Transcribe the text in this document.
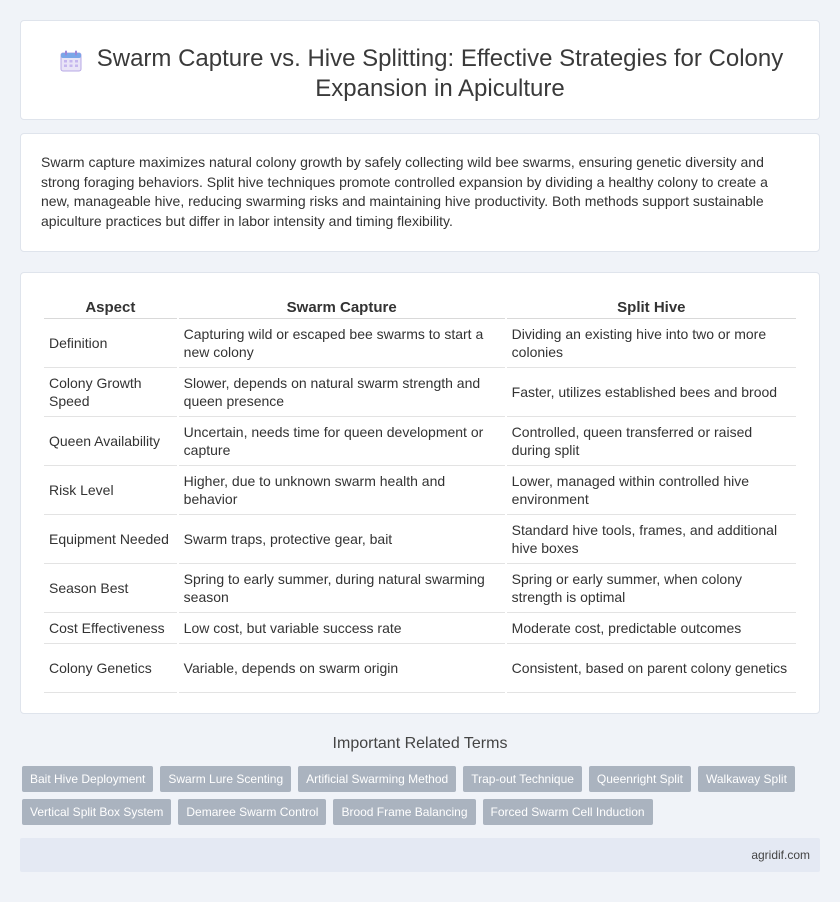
Swarm Capture vs. Hive Splitting: Effective Strategies for Colony Expansion in Apiculture

Swarm capture maximizes natural colony growth by safely collecting wild bee swarms, ensuring genetic diversity and strong foraging behaviors. Split hive techniques promote controlled expansion by dividing a healthy colony to create a new, manageable hive, reducing swarming risks and maintaining hive productivity. Both methods support sustainable apiculture practices but differ in labor intensity and timing flexibility.

Aspect	Swarm Capture	Split Hive
Definition	Capturing wild or escaped bee swarms to start a new colony	Dividing an existing hive into two or more colonies
Colony Growth Speed	Slower, depends on natural swarm strength and queen presence	Faster, utilizes established bees and brood
Queen Availability	Uncertain, needs time for queen development or capture	Controlled, queen transferred or raised during split
Risk Level	Higher, due to unknown swarm health and behavior	Lower, managed within controlled hive environment
Equipment Needed	Swarm traps, protective gear, bait	Standard hive tools, frames, and additional hive boxes
Season Best	Spring to early summer, during natural swarming season	Spring or early summer, when colony strength is optimal
Cost Effectiveness	Low cost, but variable success rate	Moderate cost, predictable outcomes
Colony Genetics	Variable, depends on swarm origin	Consistent, based on parent colony genetics
Important Related Terms
Bait Hive Deployment	Swarm Lure Scenting	Artificial Swarming Method	Trap-out Technique	Queenright Split	Walkaway Split
Vertical Split Box System	Demaree Swarm Control	Brood Frame Balancing	Forced Swarm Cell Induction
agridif.com
